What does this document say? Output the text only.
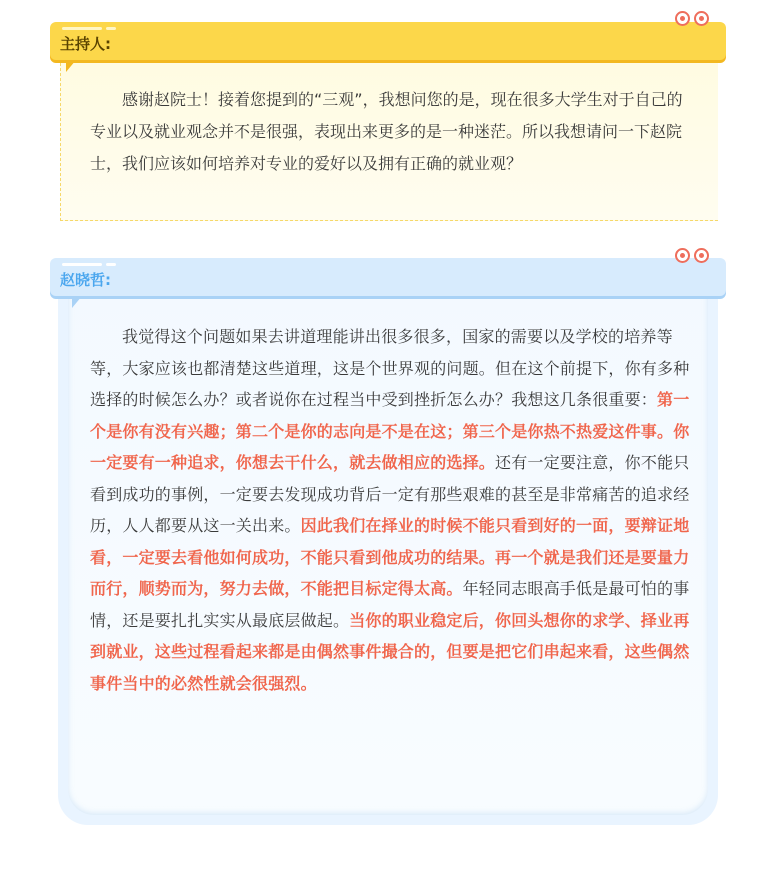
主持人:

感谢赵院士！接着您提到的“三观”，我想问您的是，现在很多大学生对于自己的专业以及就业观念并不是很强，表现出来更多的是一种迷茫。所以我想请问一下赵院士，我们应该如何培养对专业的爱好以及拥有正确的就业观？

赵晓哲:

我觉得这个问题如果去讲道理能讲出很多很多，国家的需要以及学校的培养等等，大家应该也都清楚这些道理，这是个世界观的问题。但在这个前提下，你有多种选择的时候怎么办？或者说你在过程当中受到挫折怎么办？我想这几条很重要：第一个是你有没有兴趣；第二个是你的志向是不是在这；第三个是你热不热爱这件事。你一定要有一种追求，你想去干什么，就去做相应的选择。还有一定要注意，你不能只看到成功的事例，一定要去发现成功背后一定有那些艰难的甚至是非常痛苦的追求经历，人人都要从这一关出来。因此我们在择业的时候不能只看到好的一面，要辩证地看，一定要去看他如何成功，不能只看到他成功的结果。再一个就是我们还是要量力而行，顺势而为，努力去做，不能把目标定得太高。年轻同志眼高手低是最可怕的事情，还是要扎扎实实从最底层做起。当你的职业稳定后，你回头想你的求学、择业再到就业，这些过程看起来都是由偶然事件撮合的，但要是把它们串起来看，这些偶然事件当中的必然性就会很强烈。
